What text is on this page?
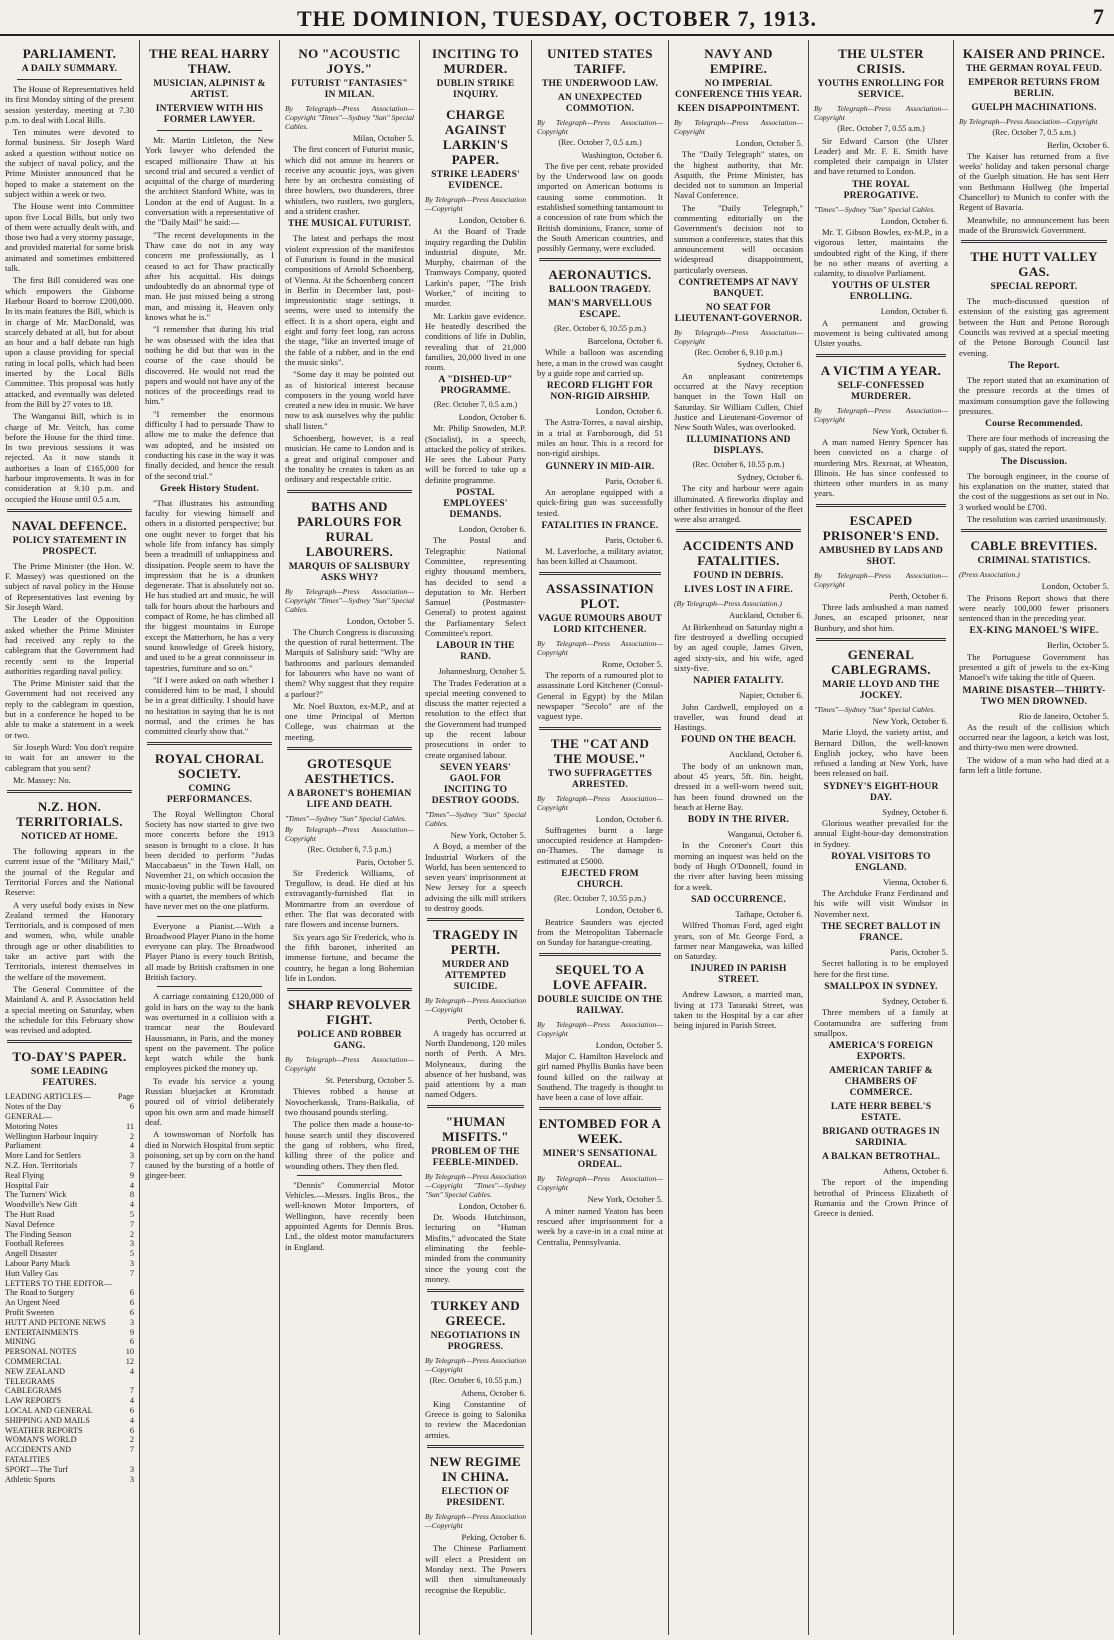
THE DOMINION, TUESDAY, OCTOBER 7, 1913.	7
PARLIAMENT.
A DAILY SUMMARY.

The House of Representatives held its first Monday sitting of the present session yesterday, meeting at 7.30 p.m. to deal with Local Bills.

Ten minutes were devoted to formal business. Sir Joseph Ward asked a question without notice on the subject of naval policy, and the Prime Minister announced that he hoped to make a statement on the subject within a week or two.

The House went into Committee upon five Local Bills, but only two of them were actually dealt with, and those two had a very stormy passage, and provided material for some brisk animated and sometimes embittered talk.

The first Bill considered was one which empowers the Gisborne Harbour Board to borrow £200,000. In its main features the Bill, which is in charge of Mr. MacDonald, was scarcely debated at all, but for about an hour and a half debate ran high upon a clause providing for special rating in local polls, which had been inserted by the Local Bills Committee. This proposal was hotly attacked, and eventually was deleted from the Bill by 27 votes to 18.

The Wanganui Bill, which is in charge of Mr. Veitch, has come before the House for the third time. In two previous sessions it was rejected. As it now stands it authorises a loan of £165,000 for harbour improvements. It was in for consideration at 9.10 p.m. and occupied the House until 0.5 a.m.

NAVAL DEFENCE.
POLICY STATEMENT IN PROSPECT.

The Prime Minister (the Hon. W. F. Massey) was questioned on the subject of naval policy in the House of Representatives last evening by Sir Joseph Ward.

The Leader of the Opposition asked whether the Prime Minister had received any reply to the cablegram that the Government had recently sent to the Imperial authorities regarding naval policy.

The Prime Minister said that the Government had not received any reply to the cablegram in question, but in a conference he hoped to be able to make a statement in a week or two.

Sir Joseph Ward: You don't require to wait for an answer to the cablegram that you sent?

Mr. Massey: No.

N.Z. HON. TERRITORIALS.
NOTICED AT HOME.

The following appears in the current issue of the "Military Mail," the journal of the Regular and Territorial Forces and the National Reserve:

A very useful body exists in New Zealand termed the Honorary Territorials, and is composed of men and women, who, while unable through age or other disabilities to take an active part with the Territorials, interest themselves in the welfare of the movement.

The General Committee of the Mainland A. and P. Association held a special meeting on Saturday, when the schedule for this February show was revised and adopted.

TO-DAY'S PAPER.
SOME LEADING FEATURES.
LEADING ARTICLES—	Page
Notes of the Day	6
GENERAL—
Motoring Notes	11
Wellington Harbour Inquiry	2
Parliament	4
More Land for Settlers	3
N.Z. Hon. Territorials	7
Real Flying	9
Hospital Fair	4
The Turners' Wick	8
Woodville's New Gift	4
The Hutt Road	5
Naval Defence	7
The Finding Season	2
Football Referees	3
Angell Disaster	5
Labour Party Muck	3
Hutt Valley Gas	7
LETTERS TO THE EDITOR—
The Road to Surgery	6
An Urgent Need	6
Profit Sweeten	6
HUTT AND PETONE NEWS	3
ENTERTAINMENTS	9
MINING	6
PERSONAL NOTES	10
COMMERCIAL	12
NEW ZEALAND TELEGRAMS
4
CABLEGRAMS	7
LAW REPORTS	4
LOCAL AND GENERAL	6
SHIPPING AND MAILS	4
WEATHER REPORTS	6
WOMAN'S WORLD	2
ACCIDENTS AND FATALITIES
7
SPORT—The Turf	3
Athletic Sports	3
THE REAL HARRY THAW.
MUSICIAN, ALPINIST & ARTIST.
INTERVIEW WITH HIS FORMER LAWYER.

Mr. Martin Littleton, the New York lawyer who defended the escaped millionaire Thaw at his second trial and secured a verdict of acquittal of the charge of murdering the architect Stanford White, was in London at the end of August. In a conversation with a representative of the "Daily Mail" he said:—

"The recent developments in the Thaw case do not in any way concern me professionally, as I ceased to act for Thaw practically after his acquittal. His doings undoubtedly do an abnormal type of man. He just missed being a strong man, and missing it, Heaven only knows what he is."

"I remember that during his trial he was obsessed with the idea that nothing he did but that was in the course of the case should be discovered. He would not read the papers and would not have any of the notices of the proceedings read to him."

"I remember the enormous difficulty I had to persuade Thaw to allow me to make the defence that was adopted, and he insisted on conducting his case in the way it was finally decided, and hence the result of the second trial."

Greek History Student.

"That illustrates his astounding faculty for viewing himself and others in a distorted perspective; but one ought never to forget that his whole life from infancy has simply been a treadmill of unhappiness and dissipation. People seem to have the impression that he is a drunken degenerate. That is absolutely not so. He has studied art and music, he will talk for hours about the harbours and compact of Rome, he has climbed all the biggest mountains in Europe except the Matterhorn, he has a very sound knowledge of Greek history, and used to be a great connoisseur in tapestries, furniture and so on."

"If I were asked on oath whether I considered him to be mad, I should be in a great difficulty. I should have no hesitation in saying that he is not normal, and the crimes he has committed clearly show that."

ROYAL CHORAL SOCIETY.
COMING PERFORMANCES.

The Royal Wellington Choral Society has now started to give two more concerts before the 1913 season is brought to a close. It has been decided to perform "Judas Maccabaeus" in the Town Hall, on November 21, on which occasion the music-loving public will be favoured with a quartet, the members of which have never met on the one platform.

Everyone a Pianist.—With a Broadwood Player Piano in the home everyone can play. The Broadwood Player Piano is every touch British, all made by British craftsmen in one British factory.

A carriage containing £120,000 of gold in bars on the way to the bank was overturned in a collision with a tramcar near the Boulevard Haussmann, in Paris, and the money spent on the pavement. The police kept watch while the bank employees picked the money up.

To evade his service a young Russian bluejacket at Kronstadt poured oil of vitriol deliberately upon his own arm and made himself deaf.

A townswoman of Norfolk has died in Norwich Hospital from septic poisoning, set up by corn on the hand caused by the bursting of a bottle of ginger-beer.

NO "ACOUSTIC JOYS."
FUTURIST "FANTASIES" IN MILAN.
By Telegraph—Press Association—Copyright "Times"—Sydney "Sun" Special Cables.
Milan, October 5.

The first concert of Futurist music, which did not amuse its hearers or receive any acoustic joys, was given here by an orchestra consisting of three howlers, two thunderers, three whistlers, two rustlers, two gurglers, and a strident crasher.

THE MUSICAL FUTURIST.

The latest and perhaps the most violent expression of the manifestos of Futurism is found in the musical compositions of Arnold Schoenberg, of Vienna. At the Schoenberg concert in Berlin in December last, post-impressionistic stage settings, it seems, were used to intensify the effect. It is a short opera, eight and eight and forty feet long, ran across the stage, "like an inverted image of the fable of a rubber, and in the end the music sinks".

"Some day it may be pointed out as of historical interest because composers in the young world have created a new idea in music. We have now to ask ourselves why the public shall listen."

Schoenberg, however, is a real musician. He came to London and is a great and original composer and the tonality he creates is taken as an ordinary and respectable critic.

BATHS AND PARLOURS FOR RURAL LABOURERS.
MARQUIS OF SALISBURY ASKS WHY?
By Telegraph—Press Association—Copyright "Times"—Sydney "Sun" Special Cables.
London, October 5.

The Church Congress is discussing the question of rural betterment. The Marquis of Salisbury said: "Why are bathrooms and parlours demanded for labourers who have no want of them? Why suggest that they require a parlour?"

Mr. Noel Buxton, ex-M.P., and at one time Principal of Merton College, was chairman at the meeting.

GROTESQUE AESTHETICS.
A BARONET'S BOHEMIAN LIFE AND DEATH.
"Times"—Sydney "Sun" Special Cables.
By Telegraph—Press Association—Copyright
(Rec. October 6, 7.5 p.m.)
Paris, October 5.

Sir Frederick Williams, of Tregullow, is dead. He died at his extravagantly-furnished flat in Montmartre from an overdose of ether. The flat was decorated with rare flowers and incense burners.

Six years ago Sir Frederick, who is the fifth baronet, inherited an immense fortune, and became the country, he began a long Bohemian life in London.

SHARP REVOLVER FIGHT.
POLICE AND ROBBER GANG.
By Telegraph—Press Association—Copyright
St. Petersburg, October 5.

Thieves robbed a house at Novocherkassk, Trans-Baikalia, of two thousand pounds sterling.

The police then made a house-to-house search until they discovered the gang of robbers, who fired, killing three of the police and wounding others. They then fled.

"Dennis" Commercial Motor Vehicles.—Messrs. Inglis Bros., the well-known Motor Importers, of Wellington, have recently been appointed Agents for Dennis Bros. Ltd., the oldest motor manufacturers in England.

INCITING TO MURDER.
DUBLIN STRIKE INQUIRY.
CHARGE AGAINST LARKIN'S PAPER.
STRIKE LEADERS' EVIDENCE.
By Telegraph—Press Association—Copyright
London, October 6.

At the Board of Trade inquiry regarding the Dublin industrial dispute, Mr. Murphy, chairman of the Tramways Company, quoted Larkin's paper, "The Irish Worker," of inciting to murder.

Mr. Larkin gave evidence. He heatedly described the conditions of life in Dublin, revealing that of 21,000 families, 20,000 lived in one room.

A "DISHED-UP" PROGRAMME.
(Rec. October 7, 0.5 a.m.)
London, October 6.

Mr. Philip Snowden, M.P. (Socialist), in a speech, attacked the policy of strikes. He sees the Labour Party will be forced to take up a definite programme.

POSTAL EMPLOYEES' DEMANDS.
London, October 6.

The Postal and Telegraphic National Committee, representing eighty thousand members, has decided to send a deputation to Mr. Herbert Samuel (Postmaster-General) to protest against the Parliamentary Select Committee's report.

LABOUR IN THE RAND.
Johannesburg, October 5.

The Trades Federation at a special meeting convened to discuss the matter rejected a resolution to the effect that the Government had trumped up the recent labour prosecutions in order to create organised labour.

SEVEN YEARS' GAOL FOR INCITING TO DESTROY GOODS.
"Times"—Sydney "Sun" Special Cables.
New York, October 5.

A Boyd, a member of the Industrial Workers of the World, has been sentenced to seven years' imprisonment at New Jersey for a speech advising the silk mill strikers to destroy goods.

TRAGEDY IN PERTH.
MURDER AND ATTEMPTED SUICIDE.
By Telegraph—Press Association—Copyright
Perth, October 6.

A tragedy has occurred at North Dandenong, 120 miles north of Perth. A Mrs. Molyneaux, during the absence of her husband, was paid attentions by a man named Odgers.

"HUMAN MISFITS."
PROBLEM OF THE FEEBLE-MINDED.
By Telegraph—Press Association—Copyright "Times"—Sydney "Sun" Special Cables.
London, October 6.

Dr. Woods Hutchinson, lecturing on "Human Misfits," advocated the State eliminating the feeble-minded from the community since the young cost the money.

TURKEY AND GREECE.
NEGOTIATIONS IN PROGRESS.
By Telegraph—Press Association—Copyright
(Rec. October 6, 10.55 p.m.)
Athens, October 6.

King Constantine of Greece is going to Salonika to review the Macedonian armies.

NEW REGIME IN CHINA.
ELECTION OF PRESIDENT.
By Telegraph—Press Association—Copyright
Peking, October 6.

The Chinese Parliament will elect a President on Monday next. The Powers will then simultaneously recognise the Republic.

UNITED STATES TARIFF.
THE UNDERWOOD LAW.
AN UNEXPECTED COMMOTION.
By Telegraph—Press Association—Copyright
(Rec. October 7, 0.5 a.m.)
Washington, October 6.

The five per cent. rebate provided by the Underwood law on goods imported on American bottoms is causing some commotion. It established something tantamount to a concession of rate from which the British dominions, France, some of the South American countries, and possibly Germany, were excluded.

AERONAUTICS.
BALLOON TRAGEDY.
MAN'S MARVELLOUS ESCAPE.
(Rec. October 6, 10.55 p.m.)
Barcelona, October 6.

While a balloon was ascending here, a man in the crowd was caught by a guide rope and carried up.

RECORD FLIGHT FOR NON-RIGID AIRSHIP.
London, October 6.

The Astra-Torres, a naval airship, in a trial at Farnborough, did 51 miles an hour. This is a record for non-rigid airships.

GUNNERY IN MID-AIR.
Paris, October 6.

An aeroplane equipped with a quick-firing gun was successfully tested.

FATALITIES IN FRANCE.
Paris, October 6.

M. Laverloche, a military aviator, has been killed at Chaumont.

ASSASSINATION PLOT.
VAGUE RUMOURS ABOUT LORD KITCHENER.
By Telegraph—Press Association—Copyright
Rome, October 5.

The reports of a rumoured plot to assassinate Lord Kitchener (Consul-General in Egypt) by the Milan newspaper "Secolo" are of the vaguest type.

THE "CAT AND THE MOUSE."
TWO SUFFRAGETTES ARRESTED.
By Telegraph—Press Association—Copyright
London, October 6.

Suffragettes burnt a large unoccupied residence at Hampden-on-Thames. The damage is estimated at £5000.

EJECTED FROM CHURCH.
(Rec. October 7, 10.55 p.m.)
London, October 6.

Beatrice Saunders was ejected from the Metropolitan Tabernacle on Sunday for harangue-creating.

SEQUEL TO A LOVE AFFAIR.
DOUBLE SUICIDE ON THE RAILWAY.
By Telegraph—Press Association—Copyright
London, October 5.

Major C. Hamilton Havelock and girl named Phyllis Bunks have been found killed on the railway at Southend. The tragedy is thought to have been a case of love affair.

ENTOMBED FOR A WEEK.
MINER'S SENSATIONAL ORDEAL.
By Telegraph—Press Association—Copyright
New York, October 5.

A miner named Yeaton has been rescued after imprisonment for a week by a cave-in in a coal mine at Centralia, Pennsylvania.

NAVY AND EMPIRE.
NO IMPERIAL CONFERENCE THIS YEAR.
KEEN DISAPPOINTMENT.
By Telegraph—Press Association—Copyright
London, October 5.

The "Daily Telegraph" states, on the highest authority, that Mr. Asquith, the Prime Minister, has decided not to summon an Imperial Naval Conference.

The "Daily Telegraph," commenting editorially on the Government's decision not to summon a conference, states that this announcement will occasion widespread disappointment, particularly overseas.

CONTRETEMPS AT NAVY BANQUET.
NO SEAT FOR LIEUTENANT-GOVERNOR.
By Telegraph—Press Association—Copyright
(Rec. October 6, 9.10 p.m.)
Sydney, October 6.

An unpleasant contretemps occurred at the Navy reception banquet in the Town Hall on Saturday. Sir William Cullen, Chief Justice and Lieutenant-Governor of New South Wales, was overlooked.

ILLUMINATIONS AND DISPLAYS.
(Rec. October 6, 10.55 p.m.)
Sydney, October 6.

The city and harbour were again illuminated. A fireworks display and other festivities in honour of the fleet were also arranged.

ACCIDENTS AND FATALITIES.
FOUND IN DEBRIS.
LIVES LOST IN A FIRE.
(By Telegraph—Press Association.)
Auckland, October 6.

At Birkenhead on Saturday night a fire destroyed a dwelling occupied by an aged couple, James Given, aged sixty-six, and his wife, aged sixty-five.

NAPIER FATALITY.
Napier, October 6.

John Cardwell, employed on a traveller, was found dead at Hastings.

FOUND ON THE BEACH.
Auckland, October 6.

The body of an unknown man, about 45 years, 5ft. 8in. height, dressed in a well-worn tweed suit, has been found drowned on the beach at Herne Bay.

BODY IN THE RIVER.
Wanganui, October 6.

In the Coroner's Court this morning an inquest was held on the body of Hugh O'Donnell, found in the river after having been missing for a week.

SAD OCCURRENCE.
Taihape, October 6.

Wilfred Thomas Ford, aged eight years, son of Mr. George Ford, a farmer near Mangaweka, was killed on Saturday.

INJURED IN PARISH STREET.

Andrew Lawson, a married man, living at 173 Taranaki Street, was taken to the Hospital by a car after being injured in Parish Street.

THE ULSTER CRISIS.
YOUTHS ENROLLING FOR SERVICE.
By Telegraph—Press Association—Copyright
(Rec. October 7, 0.55 a.m.)

Sir Edward Carson (the Ulster Leader) and Mr. F. E. Smith have completed their campaign in Ulster and have returned to London.

THE ROYAL PREROGATIVE.
"Times"—Sydney "Sun" Special Cables.
London, October 6.

Mr. T. Gibson Bowles, ex-M.P., in a vigorous letter, maintains the undoubted right of the King, if there be no other means of averting a calamity, to dissolve Parliament.

YOUTHS OF ULSTER ENROLLING.
London, October 6.

A permanent and growing movement is being cultivated among Ulster youths.

A VICTIM A YEAR.
SELF-CONFESSED MURDERER.
By Telegraph—Press Association—Copyright
New York, October 6.

A man named Henry Spencer has been convicted on a charge of murdering Mrs. Rexroat, at Wheaton, Illinois. He has since confessed to thirteen other murders in as many years.

ESCAPED PRISONER'S END.
AMBUSHED BY LADS AND SHOT.
By Telegraph—Press Association—Copyright
Perth, October 6.

Three lads ambushed a man named Jones, an escaped prisoner, near Bunbury, and shot him.

GENERAL CABLEGRAMS.
MARIE LLOYD AND THE JOCKEY.
"Times"—Sydney "Sun" Special Cables.
New York, October 6.

Marie Lloyd, the variety artist, and Bernard Dillon, the well-known English jockey, who have been refused a landing at New York, have been released on bail.

SYDNEY'S EIGHT-HOUR DAY.
Sydney, October 6.

Glorious weather prevailed for the annual Eight-hour-day demonstration in Sydney.

ROYAL VISITORS TO ENGLAND.
Vienna, October 6.

The Archduke Franz Ferdinand and his wife will visit Windsor in November next.

THE SECRET BALLOT IN FRANCE.
Paris, October 5.

Secret balloting is to be employed here for the first time.

SMALLPOX IN SYDNEY.
Sydney, October 6.

Three members of a family at Cootamundra are suffering from smallpox.

AMERICA'S FOREIGN EXPORTS.
AMERICAN TARIFF & CHAMBERS OF COMMERCE.
LATE HERR BEBEL'S ESTATE.
BRIGAND OUTRAGES IN SARDINIA.
A BALKAN BETROTHAL.
Athens, October 6.

The report of the impending betrothal of Princess Elizabeth of Rumania and the Crown Prince of Greece is denied.

KAISER AND PRINCE.
THE GERMAN ROYAL FEUD.
EMPEROR RETURNS FROM BERLIN.
GUELPH MACHINATIONS.
By Telegraph—Press Association—Copyright
(Rec. October 7, 0.5 a.m.)
Berlin, October 6.

The Kaiser has returned from a five weeks' holiday and taken personal charge of the Guelph situation. He has sent Herr von Bethmann Hollweg (the Imperial Chancellor) to Munich to confer with the Regent of Bavaria.

Meanwhile, no announcement has been made of the Brunswick Government.

THE HUTT VALLEY GAS.
SPECIAL REPORT.

The much-discussed question of extension of the existing gas agreement between the Hutt and Petone Borough Councils was revived at a special meeting of the Petone Borough Council last evening.

The Report.

The report stated that an examination of the pressure records at the times of maximum consumption gave the following pressures.

Course Recommended.

There are four methods of increasing the supply of gas, stated the report.

The Discussion.

The borough engineer, in the course of his explanation on the matter, stated that the cost of the suggestions as set out in No. 3 worked would be £700.

The resolution was carried unanimously.

CABLE BREVITIES.
CRIMINAL STATISTICS.
(Press Association.)
London, October 5.

The Prisons Report shows that there were nearly 100,000 fewer prisoners sentenced than in the preceding year.

EX-KING MANOEL'S WIFE.
Berlin, October 5.

The Portuguese Government has presented a gift of jewels to the ex-King Manoel's wife taking the title of Queen.

MARINE DISASTER—THIRTY-TWO MEN DROWNED.
Rio de Janeiro, October 5.

As the result of the collision which occurred near the lagoon, a ketch was lost, and thirty-two men were drowned.

The widow of a man who had died at a farm left a little fortune.
